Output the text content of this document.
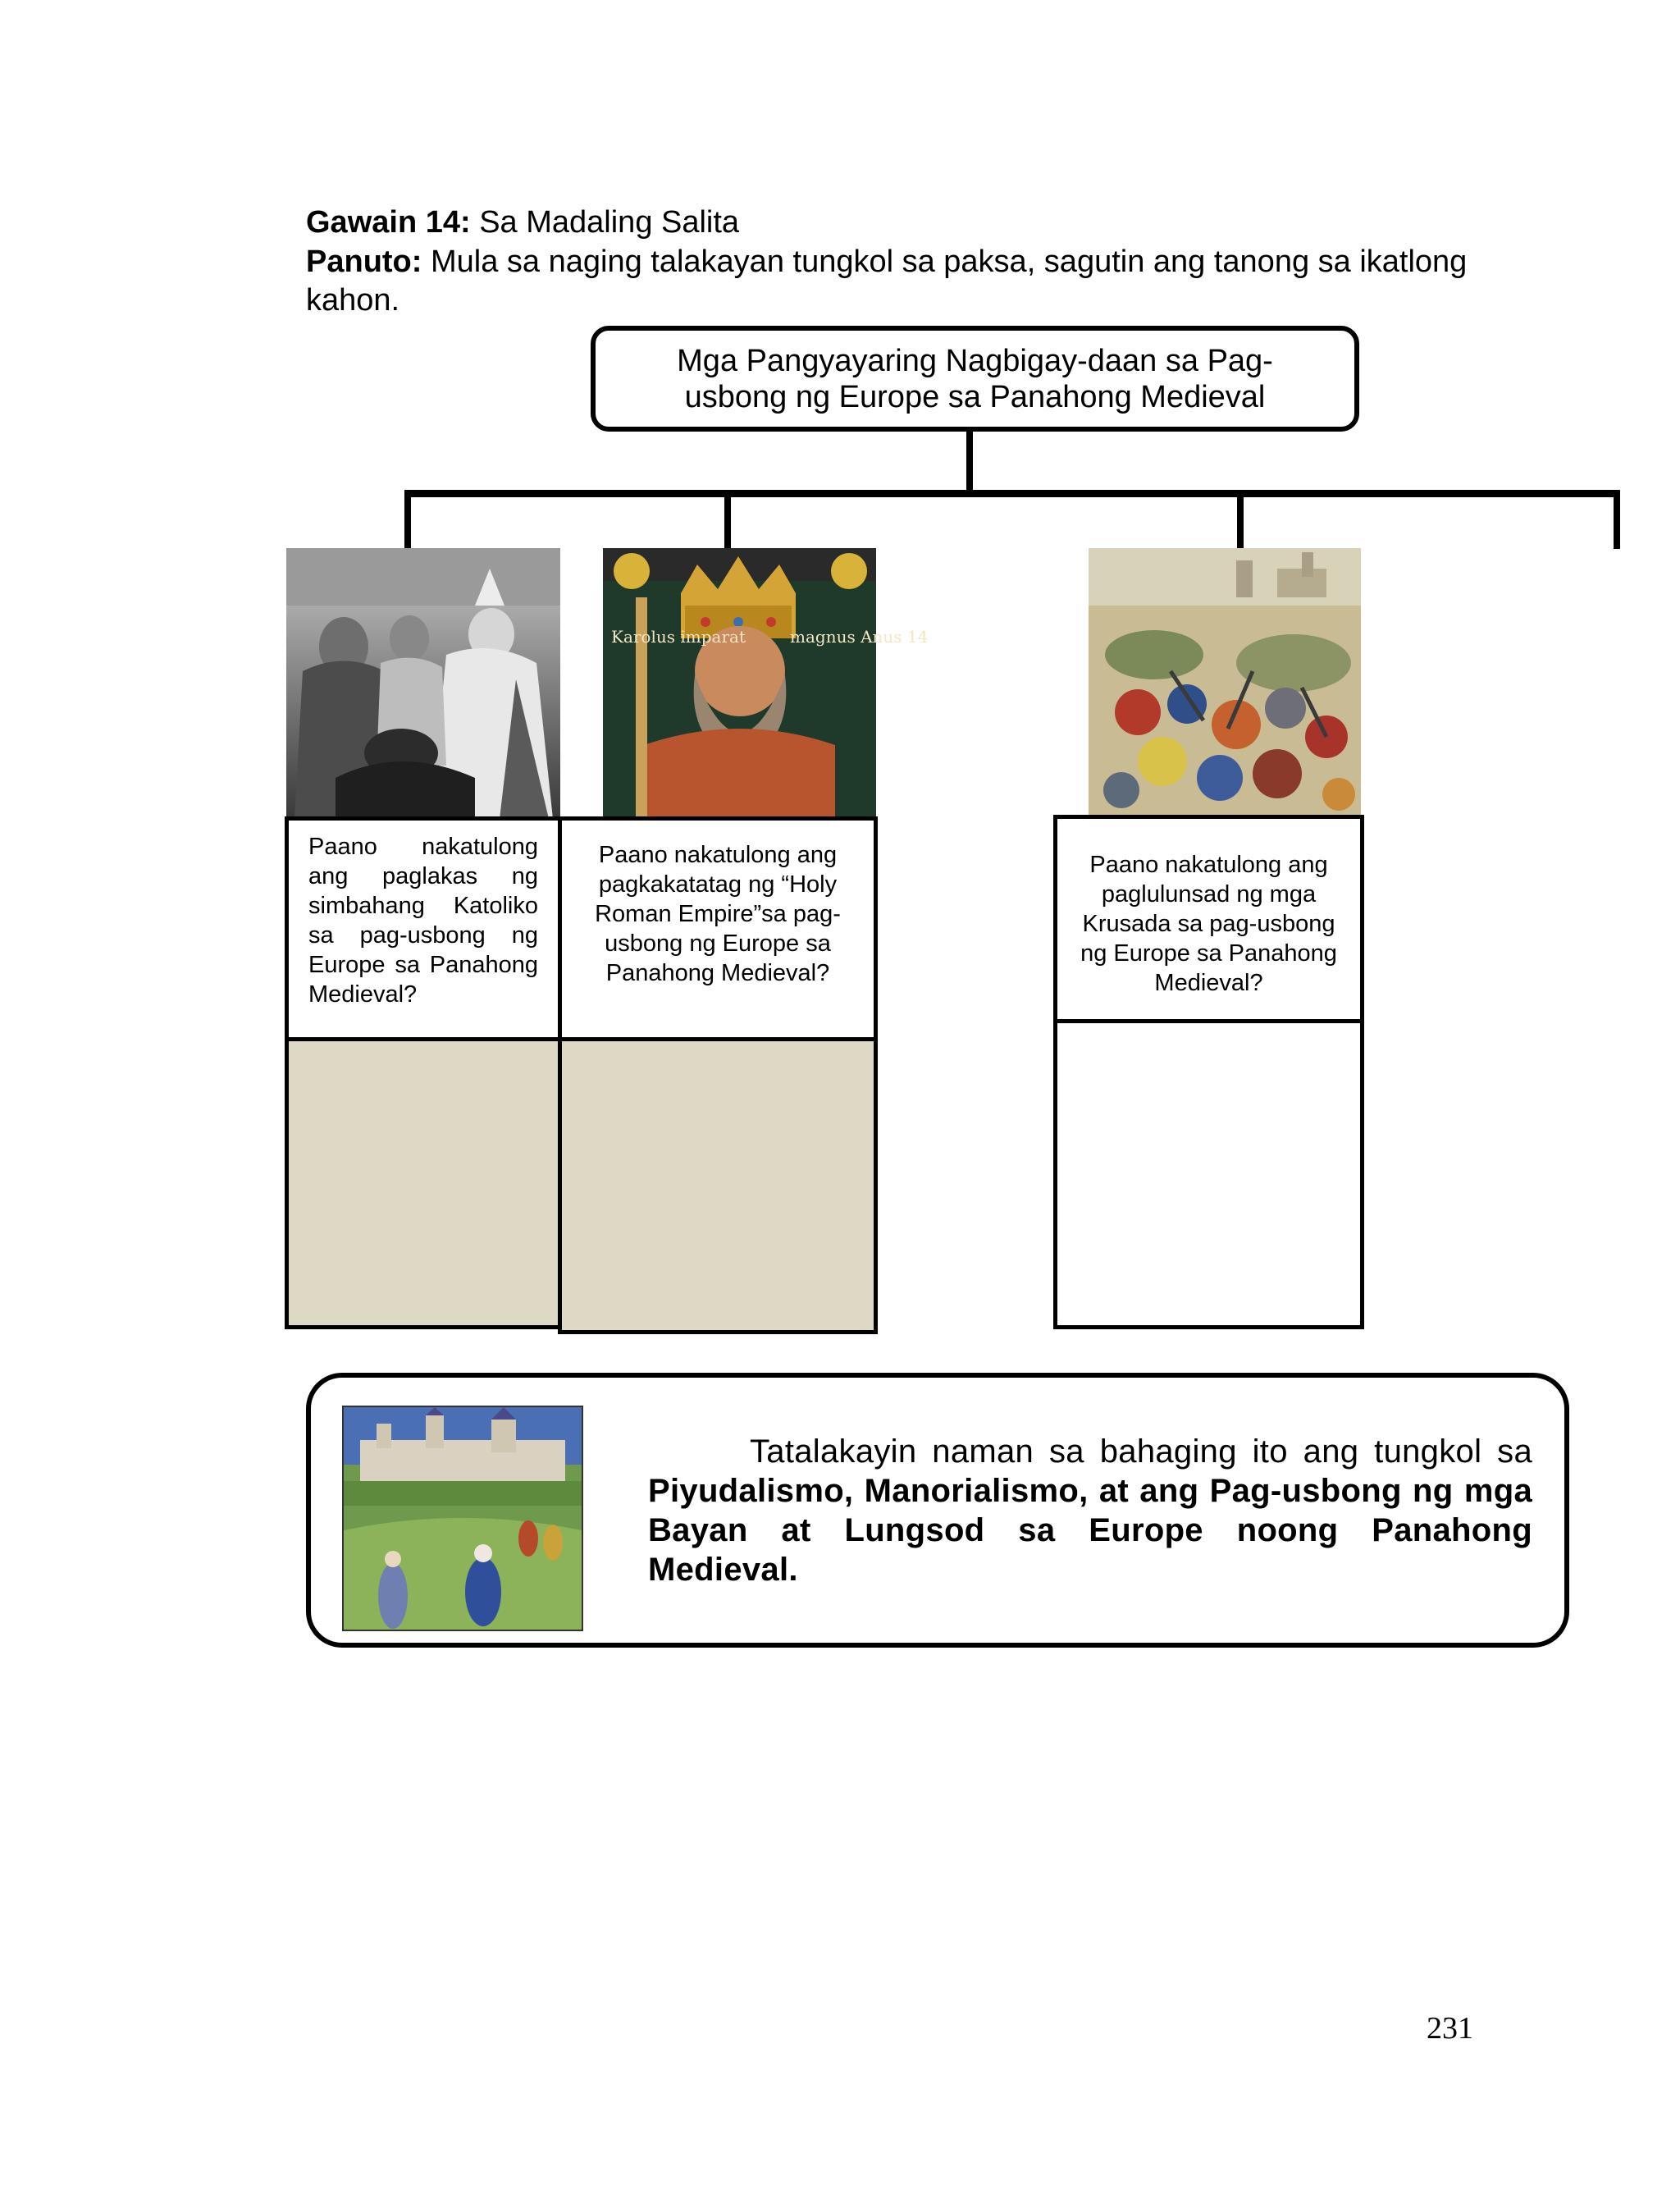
Gawain 14: Sa Madaling Salita
Panuto: Mula sa naging talakayan tungkol sa paksa, sagutin ang tanong sa ikatlong kahon.
Mga Pangyayaring Nagbigay-daan sa Pag-usbong ng Europe sa Panahong Medieval
Karolus imparat	magnus Anus 14
Paano nakatulong ang paglakas ng simbahang Katoliko sa pag-usbong ng Europe sa Panahong Medieval?
Paano nakatulong ang pagkakatatag ng “Holy Roman Empire”sa pag-usbong ng Europe sa Panahong Medieval?
Paano nakatulong ang paglulunsad ng mga Krusada sa pag-usbong ng Europe sa Panahong Medieval?
Tatalakayin naman sa bahaging ito ang tungkol sa Piyudalismo, Manorialismo, at ang Pag-usbong ng mga Bayan at Lungsod sa Europe noong Panahong Medieval.
231
